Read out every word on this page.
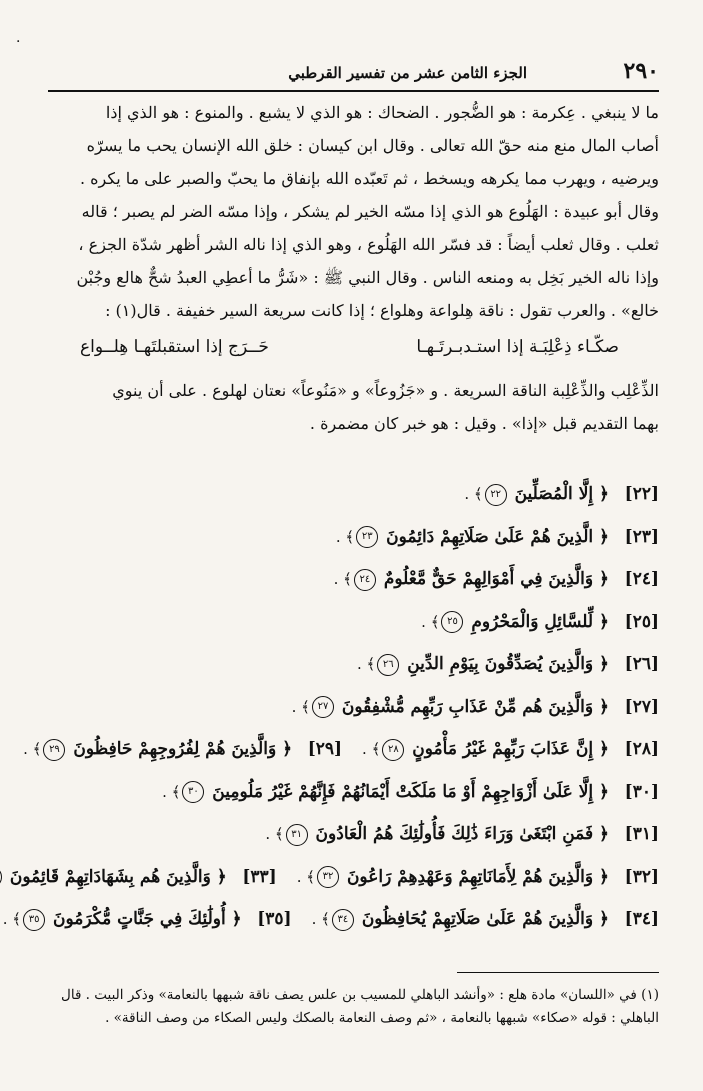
·
٢٩٠
الجزء الثامن عشر من تفسير القرطبي

ما لا ينبغي . عِكرمة : هو الضُّجور . الضحاك : هو الذي لا يشبع . والمنوع : هو الذي إذا

أصاب المال منع منه حقّ الله تعالى . وقال ابن كيسان : خلق الله الإنسان يحب ما يسرّه

ويرضيه ، ويهرب مما يكرهه ويسخط ، ثم تَعبّده الله بإنفاق ما يحبّ والصبر على ما يكره .

وقال أبو عبيدة : الهَلُوع هو الذي إذا مسّه الخير لم يشكر ، وإذا مسّه الضر لم يصبر ؛ قاله

ثعلب . وقال ثعلب أيضاً : قد فسّر الله الهَلُوع ، وهو الذي إذا ناله الشر أظهر شدّة الجزع ،

وإذا ناله الخير بَخِل به ومنعه الناس . وقال النبي ﷺ : «شَرُّ ما أعطِي العبدُ شحٌّ هالع وجُبْن

خالع» . والعرب تقول : ناقة هِلواعة وهلواع ؛ إذا كانت سريعة السير خفيفة . قال(١) :

صكّـاء ذِعْلِبَـة إذا استـدبـرتَـهـا
حَــرَج إذا استقبلتَهـا هِلــواع

الذِّعْلِب والذِّعْلِبة الناقة السريعة . و «جَزُوعاً» و «مَنُوعاً» نعتان لهلوع . على أن ينوي

بهما التقديم قبل «إذا» . وقيل : هو خبر كان مضمرة .

[٢٢]﴿ إِلَّا الْمُصَلِّينَ ٢٢﴾ .
[٢٣]﴿ الَّذِينَ هُمْ عَلَىٰ صَلَاتِهِمْ دَائِمُونَ ٢٣﴾ .
[٢٤]﴿ وَالَّذِينَ فِي أَمْوَالِهِمْ حَقٌّ مَّعْلُومٌ ٢٤﴾ .
[٢٥]﴿ لِّلسَّائِلِ وَالْمَحْرُومِ ٢٥﴾ .
[٢٦]﴿ وَالَّذِينَ يُصَدِّقُونَ بِيَوْمِ الدِّينِ ٢٦﴾ .
[٢٧]﴿ وَالَّذِينَ هُم مِّنْ عَذَابِ رَبِّهِم مُّشْفِقُونَ ٢٧﴾ .
[٢٨]﴿ إِنَّ عَذَابَ رَبِّهِمْ غَيْرُ مَأْمُونٍ ٢٨﴾ .[٢٩]﴿ وَالَّذِينَ هُمْ لِفُرُوجِهِمْ حَافِظُونَ ٢٩﴾ .
[٣٠]﴿ إِلَّا عَلَىٰ أَزْوَاجِهِمْ أَوْ مَا مَلَكَتْ أَيْمَانُهُمْ فَإِنَّهُمْ غَيْرُ مَلُومِينَ ٣٠﴾ .
[٣١]﴿ فَمَنِ ابْتَغَىٰ وَرَاءَ ذَٰلِكَ فَأُولَٰئِكَ هُمُ الْعَادُونَ ٣١﴾ .
[٣٢]﴿ وَالَّذِينَ هُمْ لِأَمَانَاتِهِمْ وَعَهْدِهِمْ رَاعُونَ ٣٢﴾ .[٣٣]﴿ وَالَّذِينَ هُم بِشَهَادَاتِهِمْ قَائِمُونَ
[٣٤]﴿ وَالَّذِينَ هُمْ عَلَىٰ صَلَاتِهِمْ يُحَافِظُونَ ٣٤﴾ .[٣٥]﴿ أُولَٰئِكَ فِي جَنَّاتٍ مُّكْرَمُونَ ٣٥﴾ .

(١) في «اللسان» مادة هلع : «وأنشد الباهلي للمسيب بن علس يصف ناقة شبهها بالنعامة» وذكر البيت . قال

الباهلي : قوله «صكاء» شبهها بالنعامة ، «ثم وصف النعامة بالصكك وليس الصكاء من وصف الناقة» .
